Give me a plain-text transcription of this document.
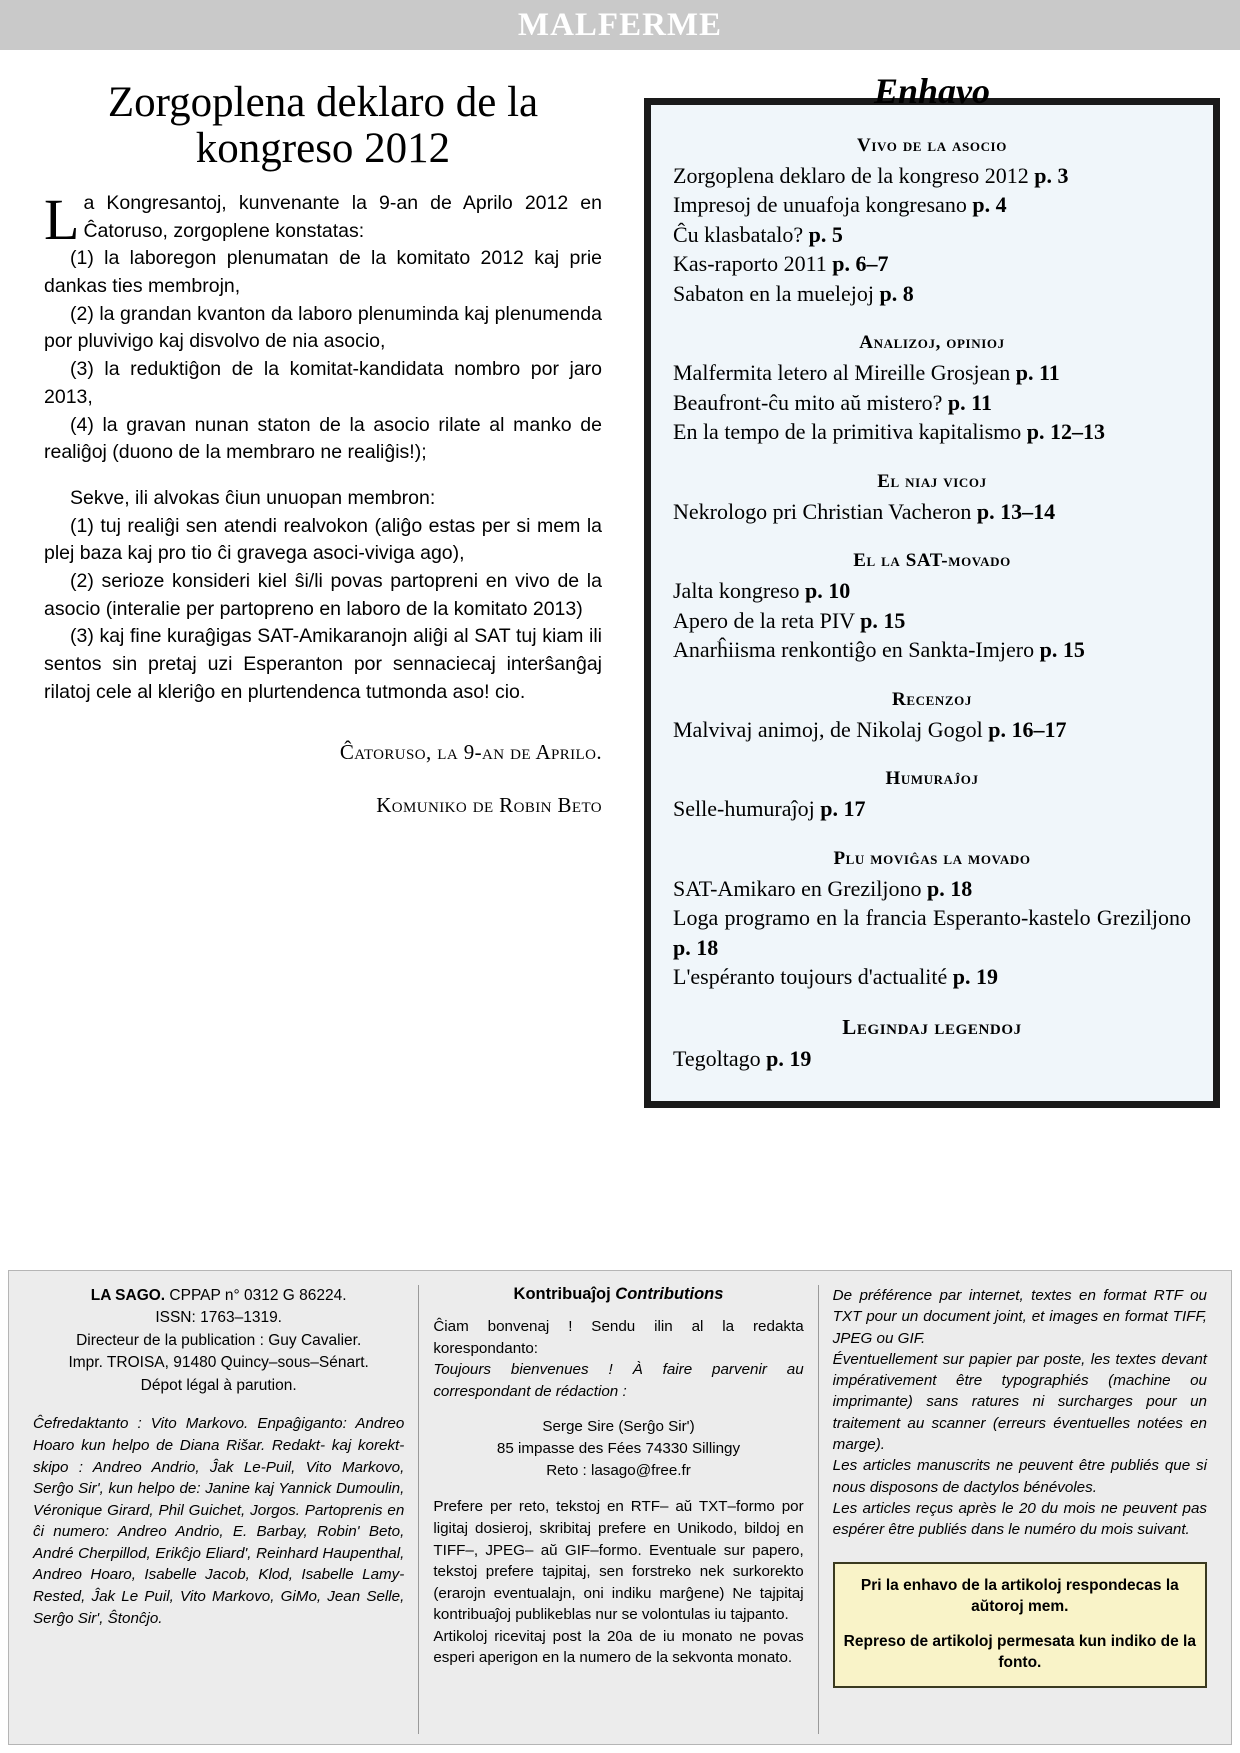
MALFERME
Zorgoplena deklaro de la kongreso 2012

La Kongresantoj, kunvenante la 9-an de Aprilo 2012 en Ĉatoruso, zorgoplene konstatas:

(1) la laboregon plenumatan de la komitato 2012 kaj prie dankas ties membrojn,

(2) la grandan kvanton da laboro plenuminda kaj plenumenda por pluvivigo kaj disvolvo de nia asocio,

(3) la reduktiĝon de la komitat-kandidata nombro por jaro 2013,

(4) la gravan nunan staton de la asocio rilate al manko de realiĝoj (duono de la membraro ne realiĝis!);

Sekve, ili alvokas ĉiun unuopan membron:

(1) tuj realiĝi sen atendi realvokon (aliĝo estas per si mem la plej baza kaj pro tio ĉi gravega asoci-viviga ago),

(2) serioze konsideri kiel ŝi/li povas partopreni en vivo de la asocio (interalie per partopreno en laboro de la komitato 2013)

(3) kaj fine kuraĝigas SAT-Amikaranojn aliĝi al SAT tuj kiam ili sentos sin pretaj uzi Esperanton por sennaciecaj interŝanĝaj rilatoj cele al kleriĝo en plurtendenca tutmonda aso! cio.

Ĉatoruso, la 9-an de Aprilo.
Komuniko de Robin Beto
Enhavo
Vivo de la asocio
Zorgoplena deklaro de la kongreso 2012 p. 3
Impresoj de unuafoja kongresano p. 4
Ĉu klasbatalo? p. 5
Kas-raporto 2011 p. 6–7
Sabaton en la muelejoj p. 8
Analizoj, opinioj
Malfermita letero al Mireille Grosjean p. 11
Beaufront-ĉu mito aŭ mistero? p. 11
En la tempo de la primitiva kapitalismo p. 12–13
El niaj vicoj
Nekrologo pri Christian Vacheron p. 13–14
El la SAT-movado
Jalta kongreso p. 10
Apero de la reta PIV p. 15
Anarĥiisma renkontiĝo en Sankta-Imjero p. 15
Recenzoj
Malvivaj animoj, de Nikolaj Gogol p. 16–17
Humuraĵoj
Selle-humuraĵoj p. 17
Plu moviĝas la movado
SAT-Amikaro en Greziljono p. 18
Loga programo en la francia Esperanto-kastelo Greziljono p. 18
L'espéranto toujours d'actualité p. 19
Legindaj legendoj
Tegoltago p. 19
LA SAGO. CPPAP n° 0312 G 86224.
ISSN: 1763–1319.
Directeur de la publication : Guy Cavalier.
Impr. TROISA, 91480 Quincy–sous–Sénart.
Dépot légal à parution.
Ĉefredaktanto : Vito Markovo. Enpaĝiganto: Andreo Hoaro kun helpo de Diana Rišar. Redakt- kaj korekt-skipo : Andreo Andrio, Ĵak Le-Puil, Vito Markovo, Serĝo Sir', kun helpo de: Janine kaj Yannick Dumoulin, Véronique Girard, Phil Guichet, Jorgos. Partoprenis en ĉi numero: Andreo Andrio, E. Barbay, Robin' Beto, André Cherpillod, Erikĉjo Eliard', Reinhard Haupenthal, Andreo Hoaro, Isabelle Jacob, Klod, Isabelle Lamy-Rested, Ĵak Le Puil, Vito Markovo, GiMo, Jean Selle, Serĝo Sir', Ŝtonĉjo.
Kontribuaĵoj Contributions

Ĉiam bonvenaj ! Sendu ilin al la redakta korespondanto:

Toujours bienvenues ! À faire parvenir au correspondant de rédaction :

Serge Sire (Serĝo Sir')
85 impasse des Fées 74330 Sillingy
Reto : lasago@free.fr

Prefere per reto, tekstoj en RTF– aŭ TXT–formo por ligitaj dosieroj, skribitaj prefere en Unikodo, bildoj en TIFF–, JPEG– aŭ GIF–formo. Eventuale sur papero, tekstoj prefere tajpitaj, sen forstreko nek surkorekto (erarojn eventualajn, oni indiku marĝene) Ne tajpitaj kontribuaĵoj publikeblas nur se volontulas iu tajpanto.

Artikoloj ricevitaj post la 20a de iu monato ne povas esperi aperigon en la numero de la sekvonta monato.

De préférence par internet, textes en format RTF ou TXT pour un document joint, et images en format TIFF, JPEG ou GIF.

Éventuellement sur papier par poste, les textes devant impérativement être typographiés (machine ou imprimante) sans ratures ni surcharges pour un traitement au scanner (erreurs éventuelles notées en marge).

Les articles manuscrits ne peuvent être publiés que si nous disposons de dactylos bénévoles.

Les articles reçus après le 20 du mois ne peuvent pas espérer être publiés dans le numéro du mois suivant.

Pri la enhavo de la artikoloj respondecas la aŭtoroj mem.

Represo de artikoloj permesata kun indiko de la fonto.
